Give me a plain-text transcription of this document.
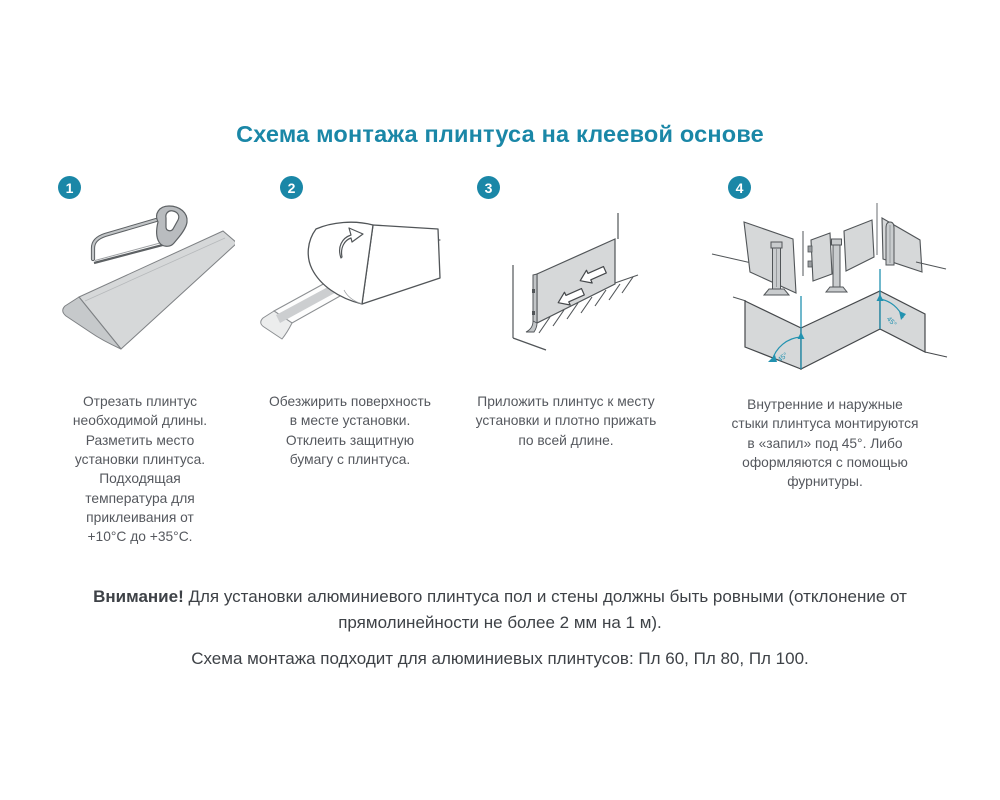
Схема монтажа плинтуса на клеевой основе
1

Отрезать плинтус необходимой длины. Разметить место установки плинтуса. Подходящая температура для приклеивания от +10°С до +35°С.

2

Обезжирить поверхность в месте установки. Отклеить защитную бумагу с плинтуса.

3

Приложить плинтус к месту установки и плотно прижать по всей длине.

4
45°
45°

Внутренние и наружные стыки плинтуса монтируются в «запил» под 45°. Либо оформляются с помощью фурнитуры.

Внимание! Для установки алюминиевого плинтуса пол и стены должны быть ровными (отклонение от прямолинейности не более 2 мм на 1 м).

Схема монтажа подходит для алюминиевых плинтусов: Пл 60, Пл 80, Пл 100.
